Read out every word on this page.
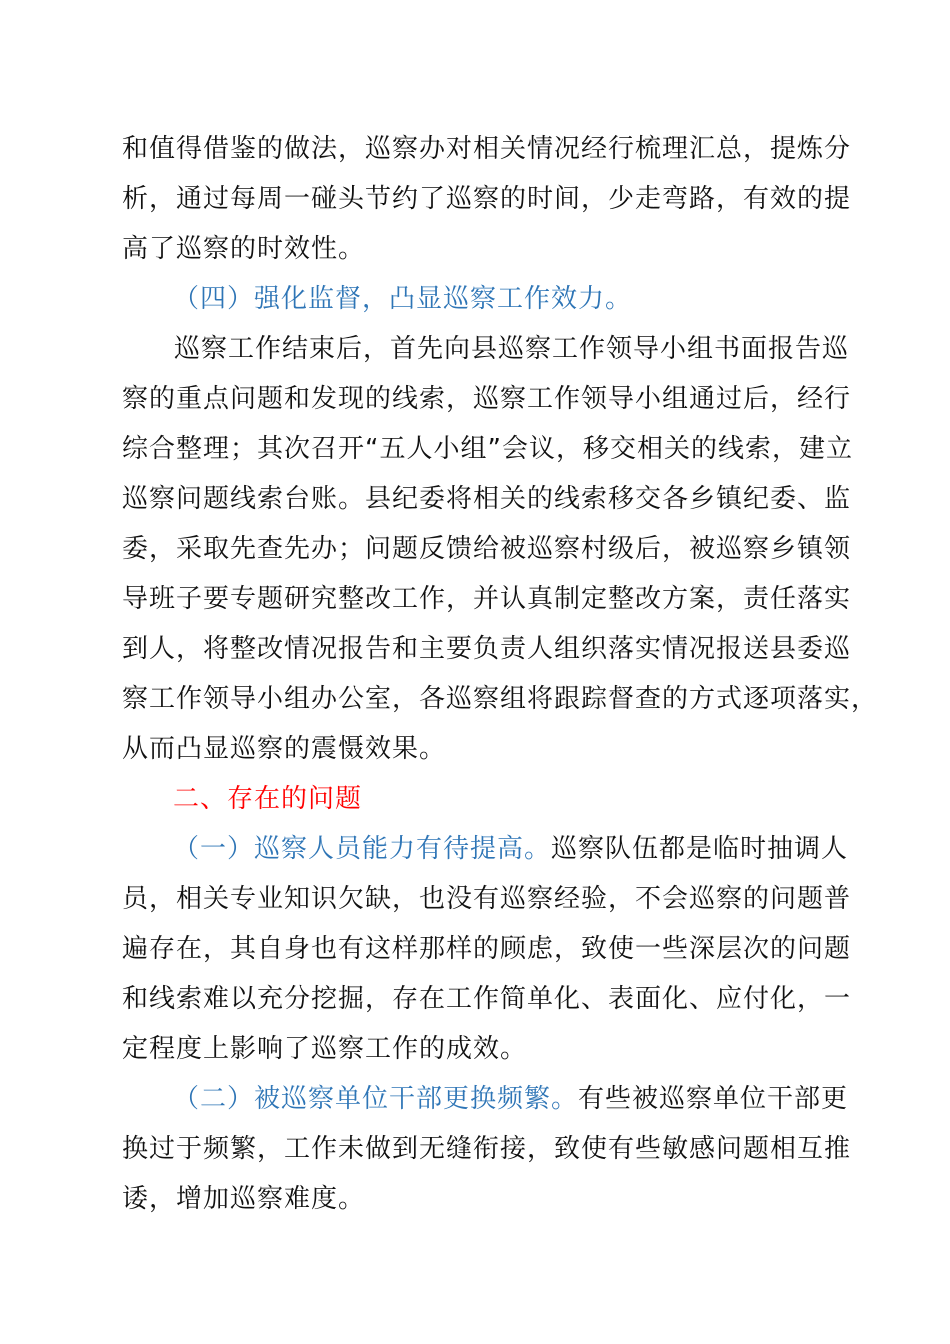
和值得借鉴的做法，巡察办对相关情况经行梳理汇总，提炼分
析，通过每周一碰头节约了巡察的时间，少走弯路，有效的提
高了巡察的时效性。
（四）强化监督，凸显巡察工作效力。
巡察工作结束后，首先向县巡察工作领导小组书面报告巡
察的重点问题和发现的线索，巡察工作领导小组通过后，经行
综合整理；其次召开“五人小组”会议，移交相关的线索，建立
巡察问题线索台账。县纪委将相关的线索移交各乡镇纪委、监
委，采取先查先办；问题反馈给被巡察村级后，被巡察乡镇领
导班子要专题研究整改工作，并认真制定整改方案，责任落实
到人，将整改情况报告和主要负责人组织落实情况报送县委巡
察工作领导小组办公室，各巡察组将跟踪督查的方式逐项落实，
从而凸显巡察的震慑效果。
二、存在的问题
（一）巡察人员能力有待提高。巡察队伍都是临时抽调人
员，相关专业知识欠缺，也没有巡察经验，不会巡察的问题普
遍存在，其自身也有这样那样的顾虑，致使一些深层次的问题
和线索难以充分挖掘，存在工作简单化、表面化、应付化，一
定程度上影响了巡察工作的成效。
（二）被巡察单位干部更换频繁。有些被巡察单位干部更
换过于频繁，工作未做到无缝衔接，致使有些敏感问题相互推
诿，增加巡察难度。
